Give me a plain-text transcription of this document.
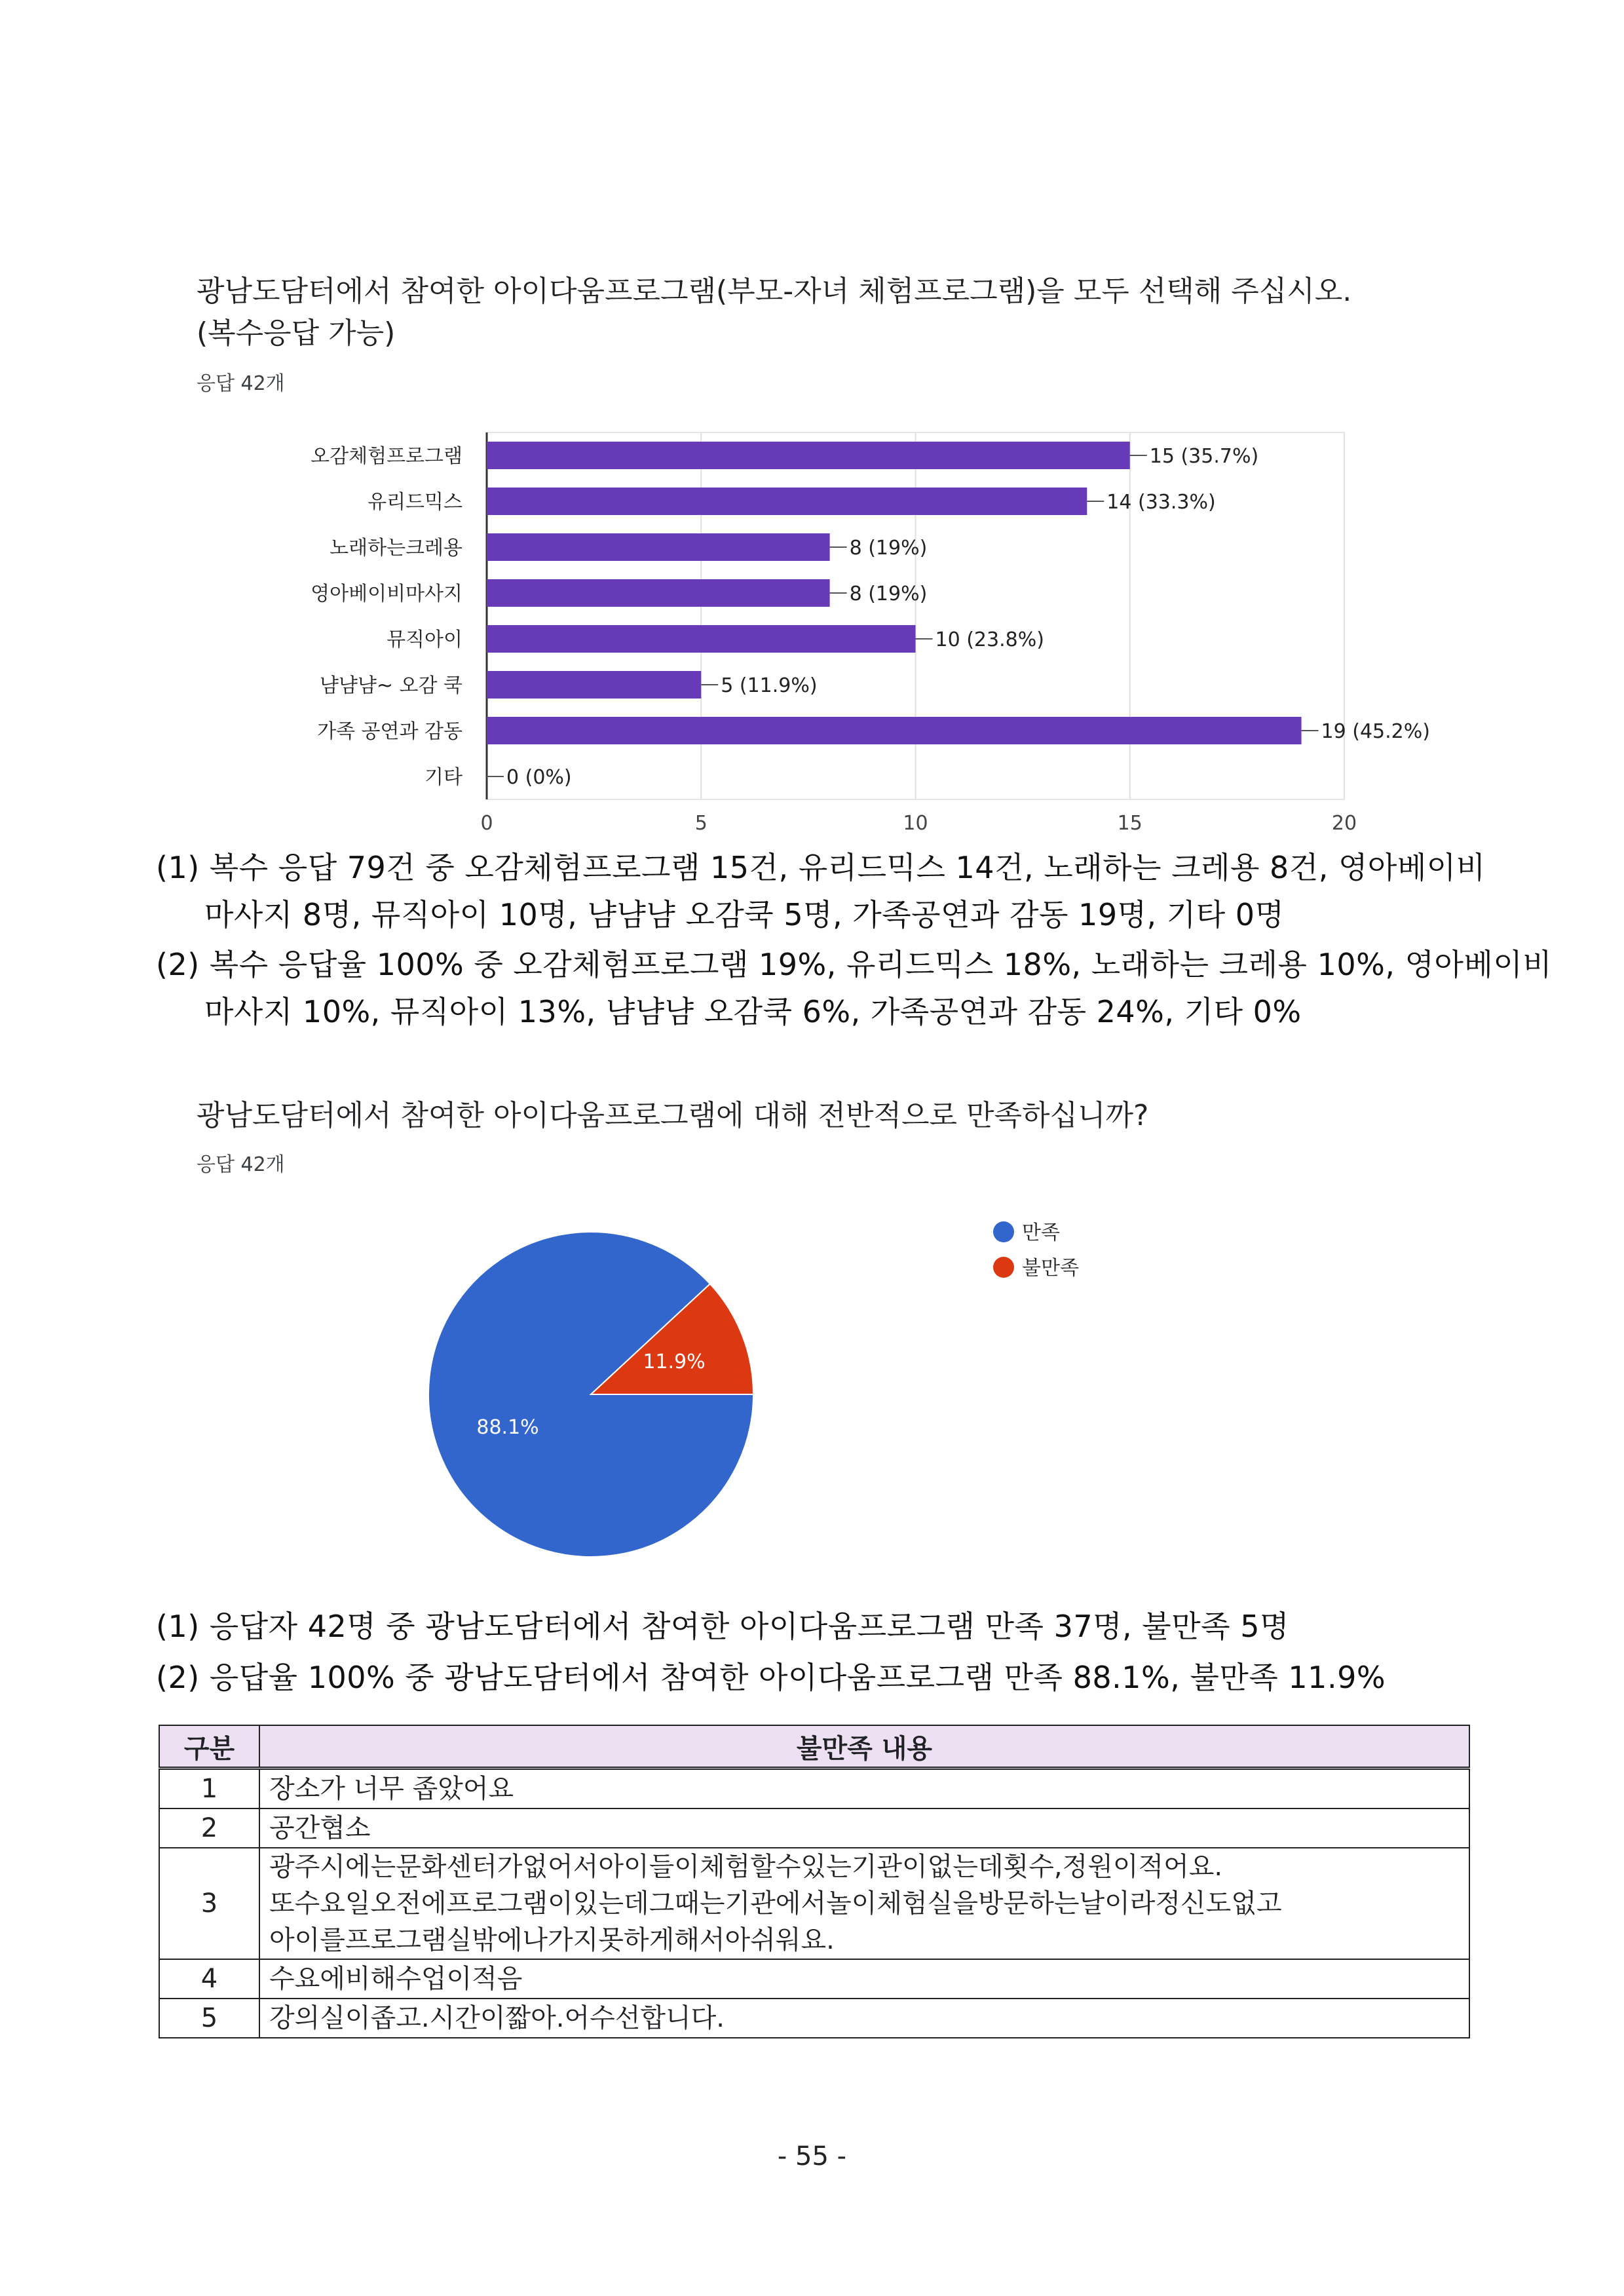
광남도담터에서 참여한 아이다움프로그램(부모-자녀 체험프로그램)을 모두 선택해 주십시오.
(복수응답 가능)
응답 42개
0	5	10	15	20
오감체험프로그램	15 (35.7%)
유리드믹스	14 (33.3%)
노래하는크레용	8 (19%)
영아베이비마사지	8 (19%)
뮤직아이	10 (23.8%)
냠냠냠~ 오감 쿡	5 (11.9%)
가족 공연과 감동	19 (45.2%)
기타 0 (0%)
(1) 복수 응답 79건 중 오감체험프로그램 15건, 유리드믹스 14건, 노래하는 크레용 8건, 영아베이비
마사지 8명, 뮤직아이 10명, 냠냠냠 오감쿡 5명, 가족공연과 감동 19명, 기타 0명
(2) 복수 응답율 100% 중 오감체험프로그램 19%, 유리드믹스 18%, 노래하는 크레용 10%, 영아베이비
마사지 10%, 뮤직아이 13%, 냠냠냠 오감쿡 6%, 가족공연과 감동 24%, 기타 0%
광남도담터에서 참여한 아이다움프로그램에 대해 전반적으로 만족하십니까?
응답 42개
88.1%
11.9%
만족
불만족
(1) 응답자 42명 중 광남도담터에서 참여한 아이다움프로그램 만족 37명, 불만족 5명
(2) 응답율 100% 중 광남도담터에서 참여한 아이다움프로그램 만족 88.1%, 불만족 11.9%
구분	불만족 내용
1	장소가 너무 좁았어요
2	공간협소
3	광주시에는문화센터가없어서아이들이체험할수있는기관이없는데횟수,정원이적어요.
또수요일오전에프로그램이있는데그때는기관에서놀이체험실을방문하는날이라정신도없고
아이를프로그램실밖에나가지못하게해서아쉬워요.

4	수요에비해수업이적음
5	강의실이좁고.시간이짧아.어수선합니다.
- 55 -
